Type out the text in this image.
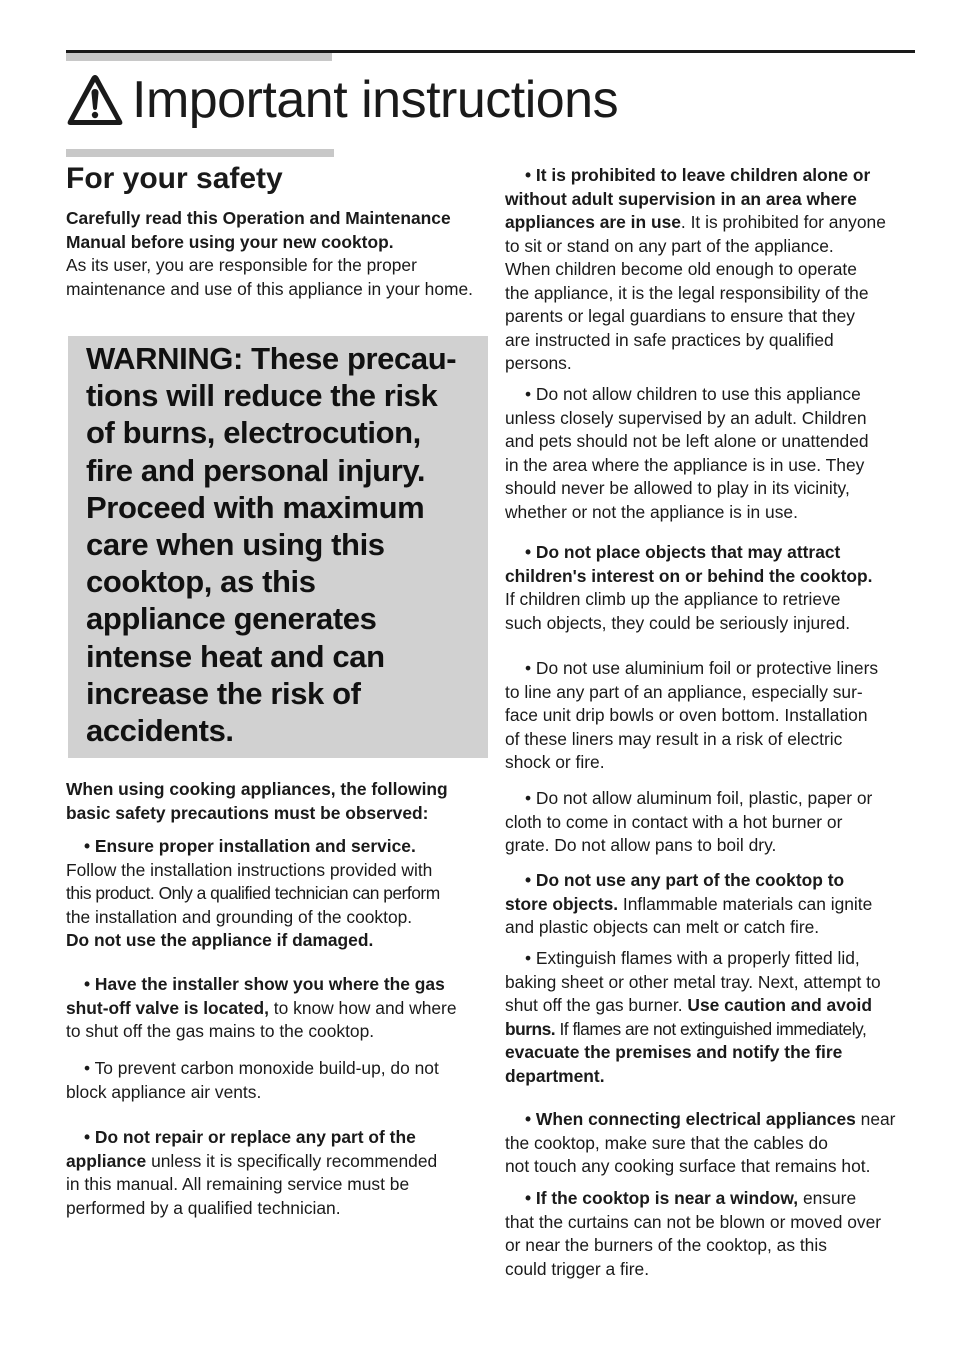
Important instructions
For your safety

Carefully read this Operation and Maintenance Manual before using your new cooktop.

As its user, you are responsible for the proper maintenance and use of this appliance in your home.

WARNING: These precau-

tions will reduce the risk

of burns, electrocution,

fire and personal injury.

Proceed with maximum

care when using this

cooktop, as this

appliance generates

intense heat and can

increase the risk of

accidents.

When using cooking appliances, the following basic safety precautions must be observed:

• Ensure proper installation and service.

Follow the installation instructions provided with

this product. Only a qualified technician can perform

the installation and grounding of the cooktop.

Do not use the appliance if damaged.

• Have the installer show you where the gas

shut-off valve is located, to know how and where

to shut off the gas mains to the cooktop.

• To prevent carbon monoxide build-up, do not

block appliance air vents.

• Do not repair or replace any part of the

appliance unless it is specifically recommended

in this manual. All remaining service must be

performed by a qualified technician.

• It is prohibited to leave children alone or

without adult supervision in an area where

appliances are in use. It is prohibited for anyone

to sit or stand on any part of the appliance.

When children become old enough to operate

the appliance, it is the legal responsibility of the

parents or legal guardians to ensure that they

are instructed in safe practices by qualified

persons.

• Do not allow children to use this appliance

unless closely supervised by an adult. Children

and pets should not be left alone or unattended

in the area where the appliance is in use. They

should never be allowed to play in its vicinity,

whether or not the appliance is in use.

• Do not place objects that may attract

children's interest on or behind the cooktop.

If children climb up the appliance to retrieve

such objects, they could be seriously injured.

• Do not use aluminium foil or protective liners

to line any part of an appliance, especially sur-

face unit drip bowls or oven bottom. Installation

of these liners may result in a risk of electric

shock or fire.

• Do not allow aluminum foil, plastic, paper or

cloth to come in contact with a hot burner or

grate. Do not allow pans to boil dry.

• Do not use any part of the cooktop to

store objects. Inflammable materials can ignite

and plastic objects can melt or catch fire.

• Extinguish flames with a properly fitted lid,

baking sheet or other metal tray. Next, attempt to

shut off the gas burner. Use caution and avoid

burns. If flames are not extinguished immediately,

evacuate the premises and notify the fire

department.

• When connecting electrical appliances near

the cooktop, make sure that the cables do

not touch any cooking surface that remains hot.

• If the cooktop is near a window, ensure

that the curtains can not be blown or moved over

or near the burners of the cooktop, as this

could trigger a fire.
